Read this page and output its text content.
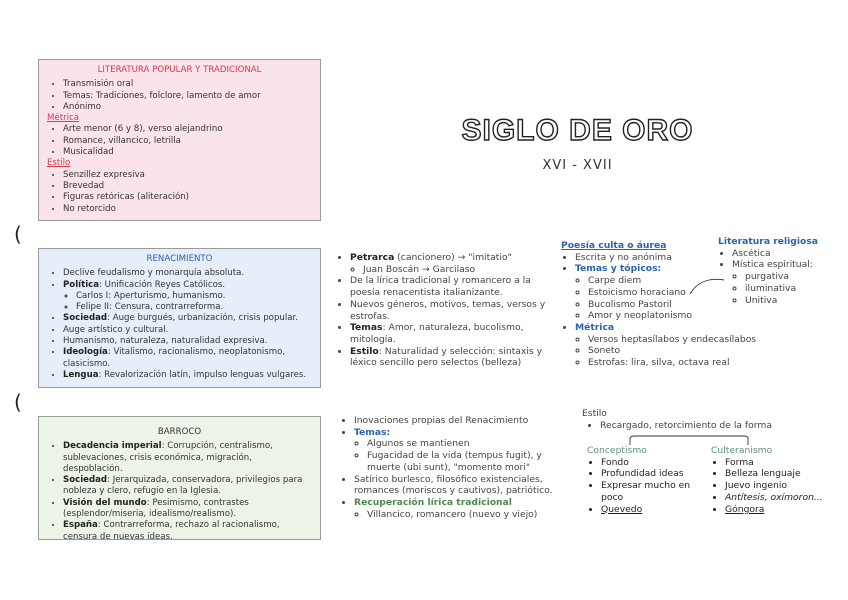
(
(
LITERATURA POPULAR Y TRADICIONAL
• Transmisión oral
• Temas: Tradiciones, folclore, lamento de amor
• Anónimo
Métrica
• Arte menor (6 y 8), verso alejandrino
• Romance, villancico, letrilla
• Musicalidad
Estilo
• Senzillez expresiva
• Brevedad
• Figuras retóricas (aliteración)
• No retorcido
SIGLO DE ORO
XVI - XVII
RENACIMIENTO
• Declive feudalismo y monarquía absoluta.
• Política: Unificación Reyes Católicos.
◦ Carlos I: Aperturismo, humanismo.
◦ Felipe II: Censura, contrarreforma.
• Sociedad: Auge burgués, urbanización, crisis popular.
• Auge artístico y cultural.
• Humanismo, naturaleza, naturalidad expresiva.
• Ideología: Vitalismo, racionalismo, neoplatonismo, clasicismo.
• Lengua: Revalorización latín, impulso lenguas vulgares.
BARROCO
• Decadencia imperial: Corrupción, centralismo, sublevaciones, crisis económica, migración, despoblación.
• Sociedad: Jerarquizada, conservadora, privilegios para nobleza y clero, refugio en la Iglesia.
• Visión del mundo: Pesimismo, contrastes (esplendor/miseria, idealismo/realismo).
• España: Contrarreforma, rechazo al racionalismo, censura de nuevas ideas.
• Petrarca (cancionero) → "imitatio"
◦ Juan Boscán → Garcilaso
• De la lírica tradicional y romancero a la poesía renacentista italianizante.
• Nuevos géneros, motivos, temas, versos y estrofas.
• Temas: Amor, naturaleza, bucolismo, mitología.
• Estilo: Naturalidad y selección: sintaxis y léxico sencillo pero selectos (belleza)
Poesía culta o áurea
• Escrita y no anónima
• Temas y tópicos:
◦ Carpe diem
◦ Estoicismo horaciano
◦ Bucolismo Pastoril
◦ Amor y neoplatonismo
• Métrica
◦ Versos heptasílabos y endecasílabos
◦ Soneto
◦ Estrofas: lira, silva, octava real
Literatura religiosa
• Ascética
• Mística espiritual:
◦ purgativa
◦ iluminativa
◦ Unitiva
• Inovaciones propias del Renacimiento
• Temas:
◦ Algunos se mantienen
◦ Fugacidad de la vida (tempus fugit), y muerte (ubi sunt), "momento mori"
• Satírico burlesco, filosófico existenciales, romances (moriscos y cautivos), patriótico.
• Recuperación lírica tradicional
◦ Villancico, romancero (nuevo y viejo)
Estilo
• Recargado, retorcimiento de la forma
Conceptismo
• Fondo
• Profundidad ideas
• Expresar mucho en poco
• Quevedo
Culteranismo
• Forma
• Belleza lenguaje
• Juevo ingenio
• Antítesis, oxímoron...
• Góngora
